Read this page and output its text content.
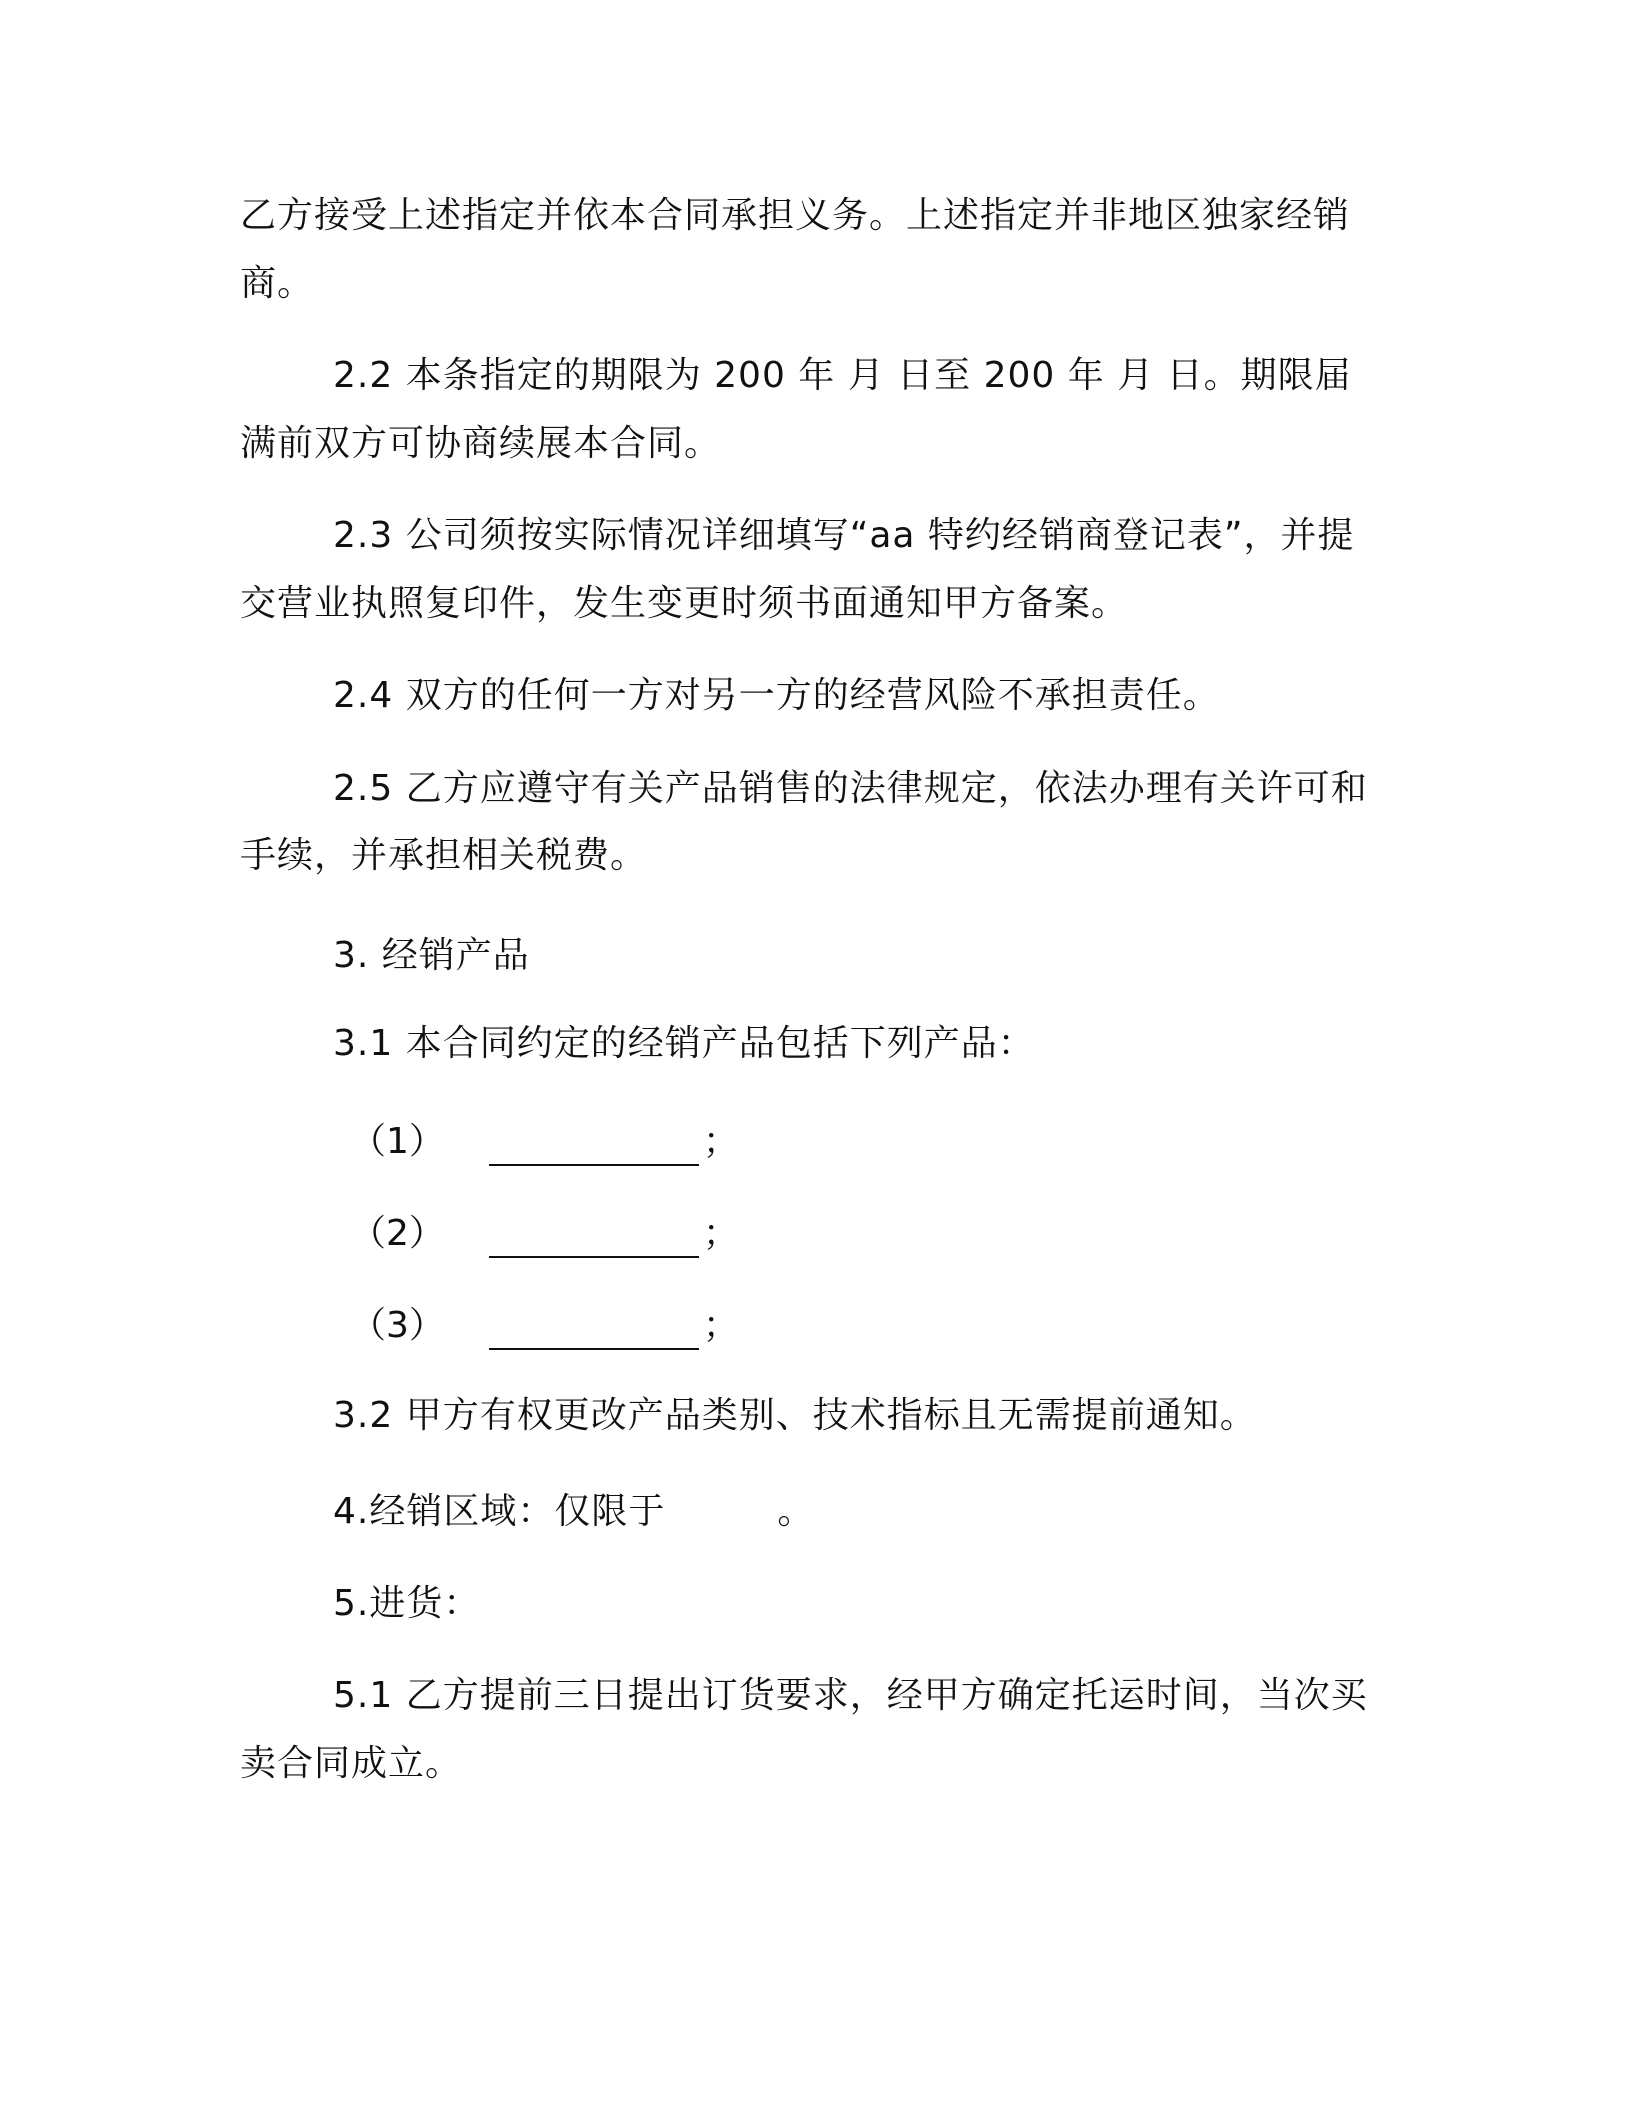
乙方接受上述指定并依本合同承担义务。上述指定并非地区独家经销
商。
2.2 本条指定的期限为 200 年 月 日至 200 年 月 日。期限届
满前双方可协商续展本合同。
2.3 公司须按实际情况详细填写“aa 特约经销商登记表”，并提
交营业执照复印件，发生变更时须书面通知甲方备案。
2.4 双方的任何一方对另一方的经营风险不承担责任。
2.5 乙方应遵守有关产品销售的法律规定，依法办理有关许可和
手续，并承担相关税费。
3. 经销产品
3.1 本合同约定的经销产品包括下列产品：
（1）	；
（2）	；
（3）	；
3.2 甲方有权更改产品类别、技术指标且无需提前通知。
4.经销区域：仅限于	。
5.进货：
5.1 乙方提前三日提出订货要求，经甲方确定托运时间，当次买
卖合同成立。
